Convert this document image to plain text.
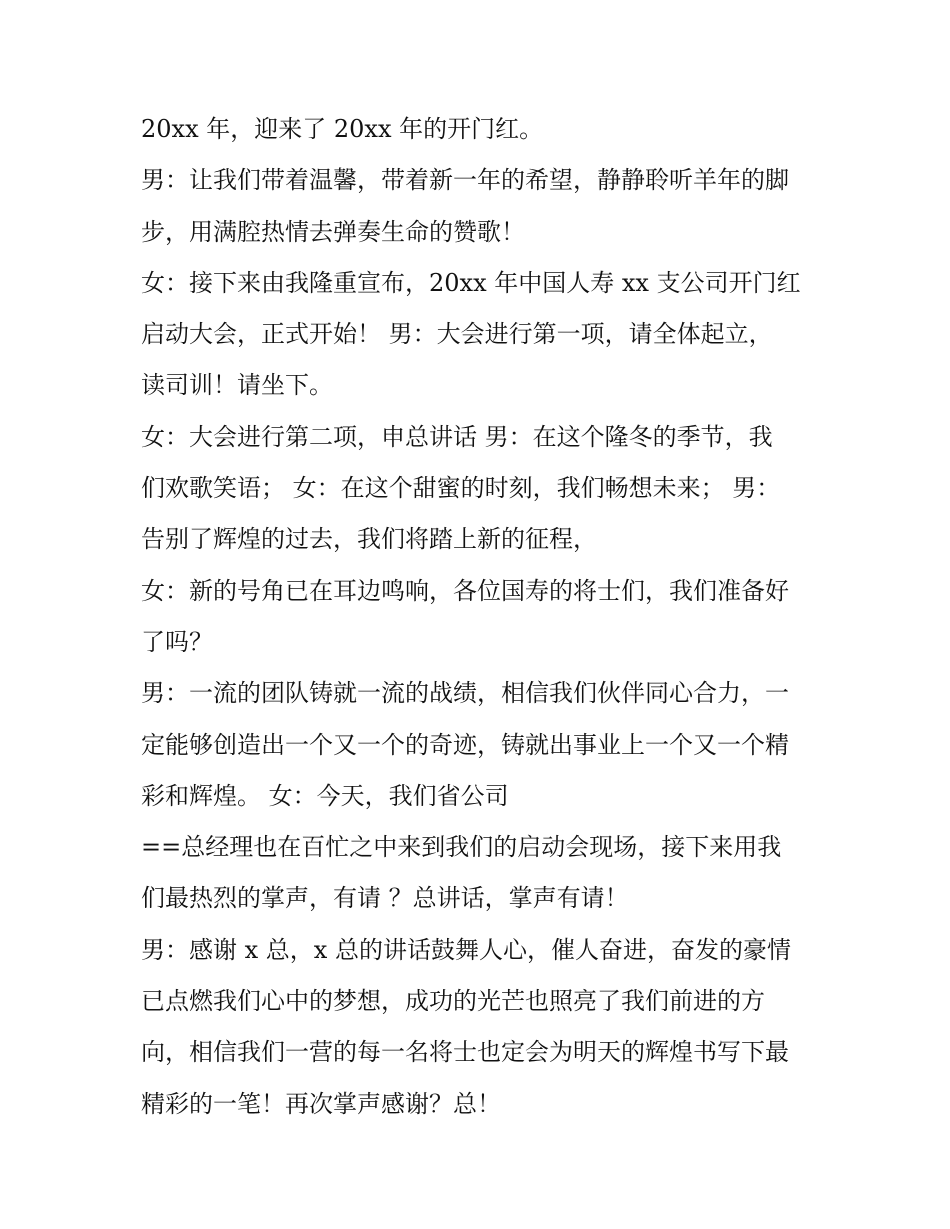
20xx 年，迎来了 20xx 年的开门红。
男：让我们带着温馨，带着新一年的希望，静静聆听羊年的脚
步，用满腔热情去弹奏生命的赞歌！
女：接下来由我隆重宣布，20xx 年中国人寿 xx 支公司开门红
启动大会，正式开始！ 男：大会进行第一项，请全体起立，
读司训！请坐下。
女：大会进行第二项，申总讲话 男：在这个隆冬的季节，我
们欢歌笑语； 女：在这个甜蜜的时刻，我们畅想未来； 男：
告别了辉煌的过去，我们将踏上新的征程，
女：新的号角已在耳边鸣响，各位国寿的将士们，我们准备好
了吗？
男：一流的团队铸就一流的战绩，相信我们伙伴同心合力，一
定能够创造出一个又一个的奇迹，铸就出事业上一个又一个精
彩和辉煌。 女：今天，我们省公司
==总经理也在百忙之中来到我们的启动会现场，接下来用我
们最热烈的掌声，有请 ？总讲话，掌声有请！
男：感谢 x 总，x 总的讲话鼓舞人心，催人奋进，奋发的豪情
已点燃我们心中的梦想，成功的光芒也照亮了我们前进的方
向，相信我们一营的每一名将士也定会为明天的辉煌书写下最
精彩的一笔！再次掌声感谢？总！
